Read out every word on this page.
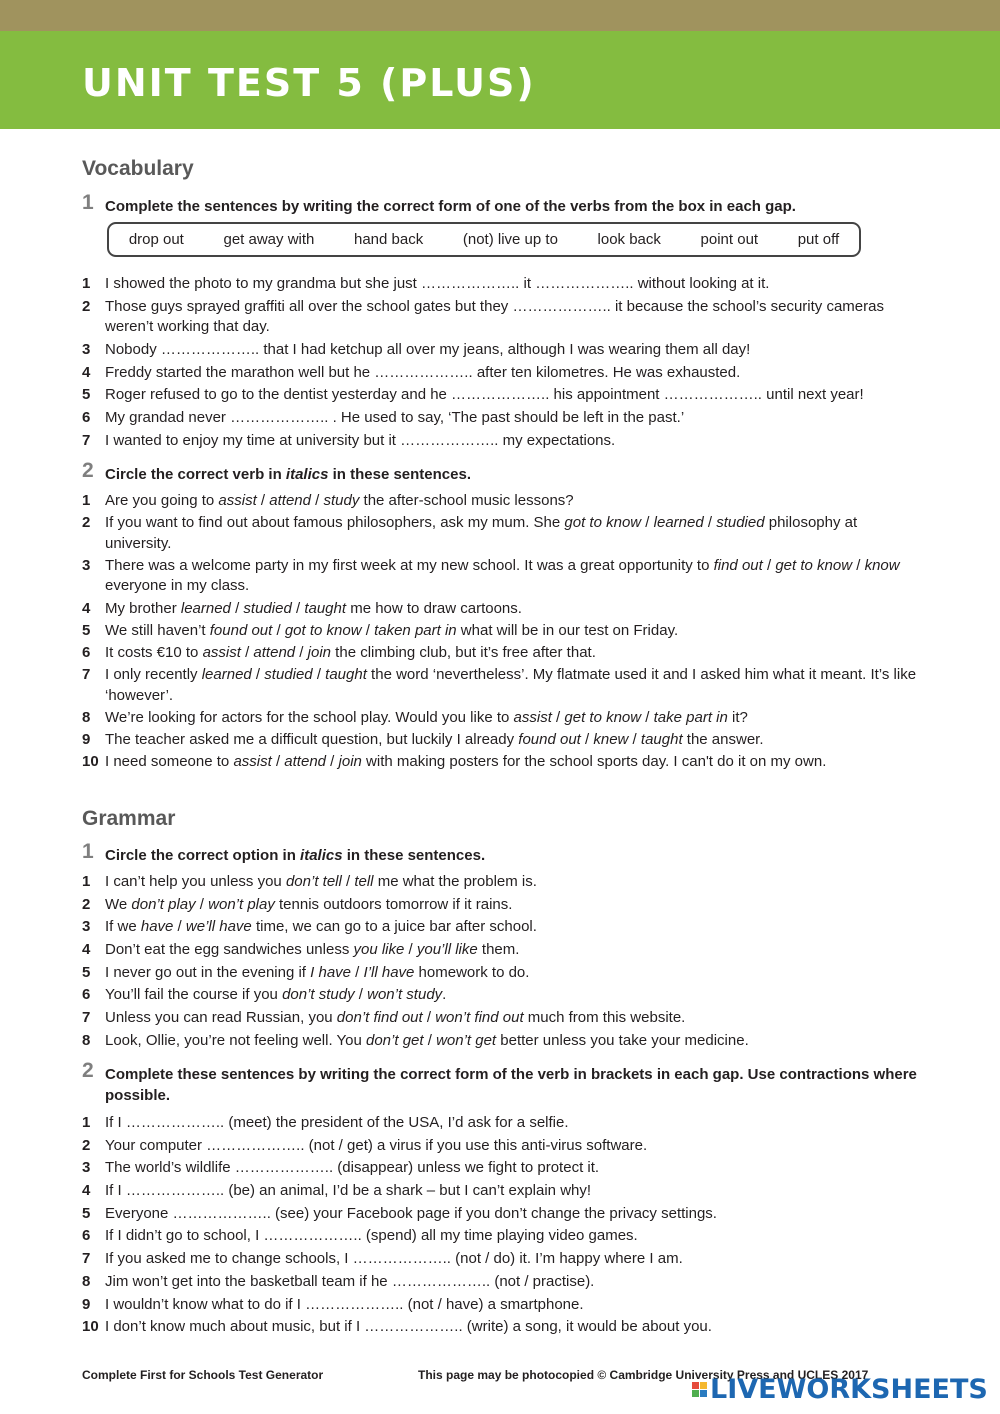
UNIT TEST 5 (PLUS)
Vocabulary
1 Complete the sentences by writing the correct form of one of the verbs from the box in each gap.
drop out	get away with	hand back	(not) live up to	look back	point out	put off
1 I showed the photo to my grandma but she just ……………….. it ……………….. without looking at it.
2 Those guys sprayed graffiti all over the school gates but they ……………….. it because the school’s security cameras weren’t working that day.
3 Nobody ……………….. that I had ketchup all over my jeans, although I was wearing them all day!
4 Freddy started the marathon well but he ……………….. after ten kilometres. He was exhausted.
5 Roger refused to go to the dentist yesterday and he ……………….. his appointment ……………….. until next year!
6 My grandad never ……………….. . He used to say, ‘The past should be left in the past.’
7 I wanted to enjoy my time at university but it ……………….. my expectations.
2 Circle the correct verb in italics in these sentences.
1 Are you going to assist / attend / study the after-school music lessons?
2 If you want to find out about famous philosophers, ask my mum. She got to know / learned / studied philosophy at university.
3 There was a welcome party in my first week at my new school. It was a great opportunity to find out / get to know / know everyone in my class.
4 My brother learned / studied / taught me how to draw cartoons.
5 We still haven’t found out / got to know / taken part in what will be in our test on Friday.
6 It costs €10 to assist / attend / join the climbing club, but it’s free after that.
7 I only recently learned / studied / taught the word ‘nevertheless’. My flatmate used it and I asked him what it meant. It’s like ‘however’.
8 We’re looking for actors for the school play. Would you like to assist / get to know / take part in it?
9 The teacher asked me a difficult question, but luckily I already found out / knew / taught the answer.
10 I need someone to assist / attend / join with making posters for the school sports day. I can't do it on my own.
Grammar
1 Circle the correct option in italics in these sentences.
1 I can’t help you unless you don’t tell / tell me what the problem is.
2 We don’t play / won’t play tennis outdoors tomorrow if it rains.
3 If we have / we’ll have time, we can go to a juice bar after school.
4 Don’t eat the egg sandwiches unless you like / you’ll like them.
5 I never go out in the evening if I have / I’ll have homework to do.
6 You’ll fail the course if you don’t study / won’t study.
7 Unless you can read Russian, you don’t find out / won’t find out much from this website.
8 Look, Ollie, you’re not feeling well. You don’t get / won’t get better unless you take your medicine.
2 Complete these sentences by writing the correct form of the verb in brackets in each gap. Use contractions where possible.
1 If I ……………….. (meet) the president of the USA, I’d ask for a selfie.
2 Your computer ……………….. (not / get) a virus if you use this anti-virus software.
3 The world’s wildlife ……………….. (disappear) unless we fight to protect it.
4 If I ……………….. (be) an animal, I’d be a shark – but I can’t explain why!
5 Everyone ……………….. (see) your Facebook page if you don’t change the privacy settings.
6 If I didn’t go to school, I ……………….. (spend) all my time playing video games.
7 If you asked me to change schools, I ……………….. (not / do) it. I’m happy where I am.
8 Jim won’t get into the basketball team if he ……………….. (not / practise).
9 I wouldn’t know what to do if I ……………….. (not / have) a smartphone.
10 I don’t know much about music, but if I ……………….. (write) a song, it would be about you.
Complete First for Schools Test Generator	This page may be photocopied © Cambridge University Press and UCLES 2017
LIVEWORKSHEETS
